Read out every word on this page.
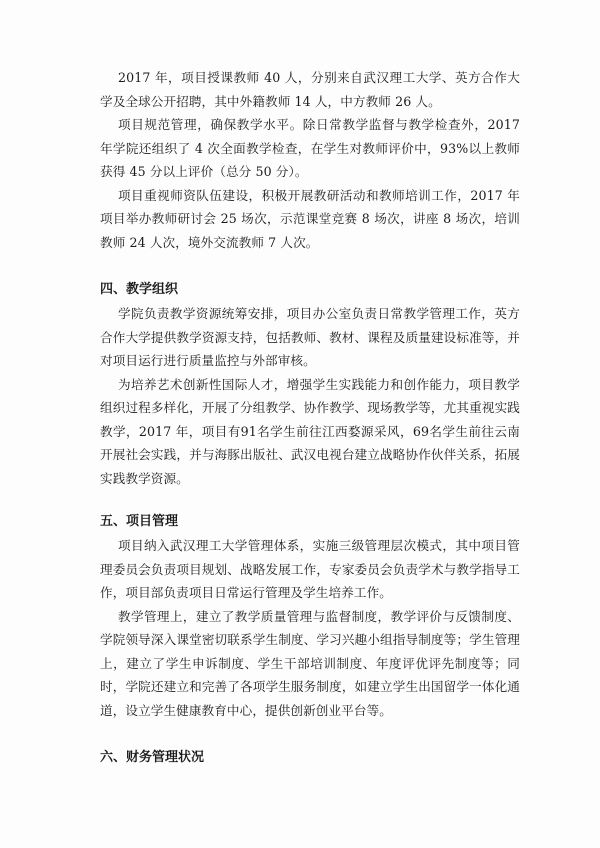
2017 年，项目授课教师 40 人，分别来自武汉理工大学、英方合作大学及全球公开招聘，其中外籍教师 14 人，中方教师 26 人。

项目规范管理，确保教学水平。除日常教学监督与教学检查外，2017 年学院还组织了 4 次全面教学检查，在学生对教师评价中，93%以上教师获得 45 分以上评价（总分 50 分）。

项目重视师资队伍建设，积极开展教研活动和教师培训工作，2017 年项目举办教师研讨会 25 场次，示范课堂竞赛 8 场次，讲座 8 场次，培训教师 24 人次，境外交流教师 7 人次。

四、教学组织

学院负责教学资源统筹安排，项目办公室负责日常教学管理工作，英方合作大学提供教学资源支持，包括教师、教材、课程及质量建设标准等，并对项目运行进行质量监控与外部审核。

为培养艺术创新性国际人才，增强学生实践能力和创作能力，项目教学组织过程多样化，开展了分组教学、协作教学、现场教学等，尤其重视实践教学，2017 年，项目有91名学生前往江西婺源采风，69名学生前往云南开展社会实践，并与海豚出版社、武汉电视台建立战略协作伙伴关系，拓展实践教学资源。

五、项目管理

项目纳入武汉理工大学管理体系，实施三级管理层次模式，其中项目管理委员会负责项目规划、战略发展工作，专家委员会负责学术与教学指导工作，项目部负责项目日常运行管理及学生培养工作。

教学管理上，建立了教学质量管理与监督制度，教学评价与反馈制度、学院领导深入课堂密切联系学生制度、学习兴趣小组指导制度等；学生管理上，建立了学生申诉制度、学生干部培训制度、年度评优评先制度等；同时，学院还建立和完善了各项学生服务制度，如建立学生出国留学一体化通道，设立学生健康教育中心，提供创新创业平台等。

六、财务管理状况
